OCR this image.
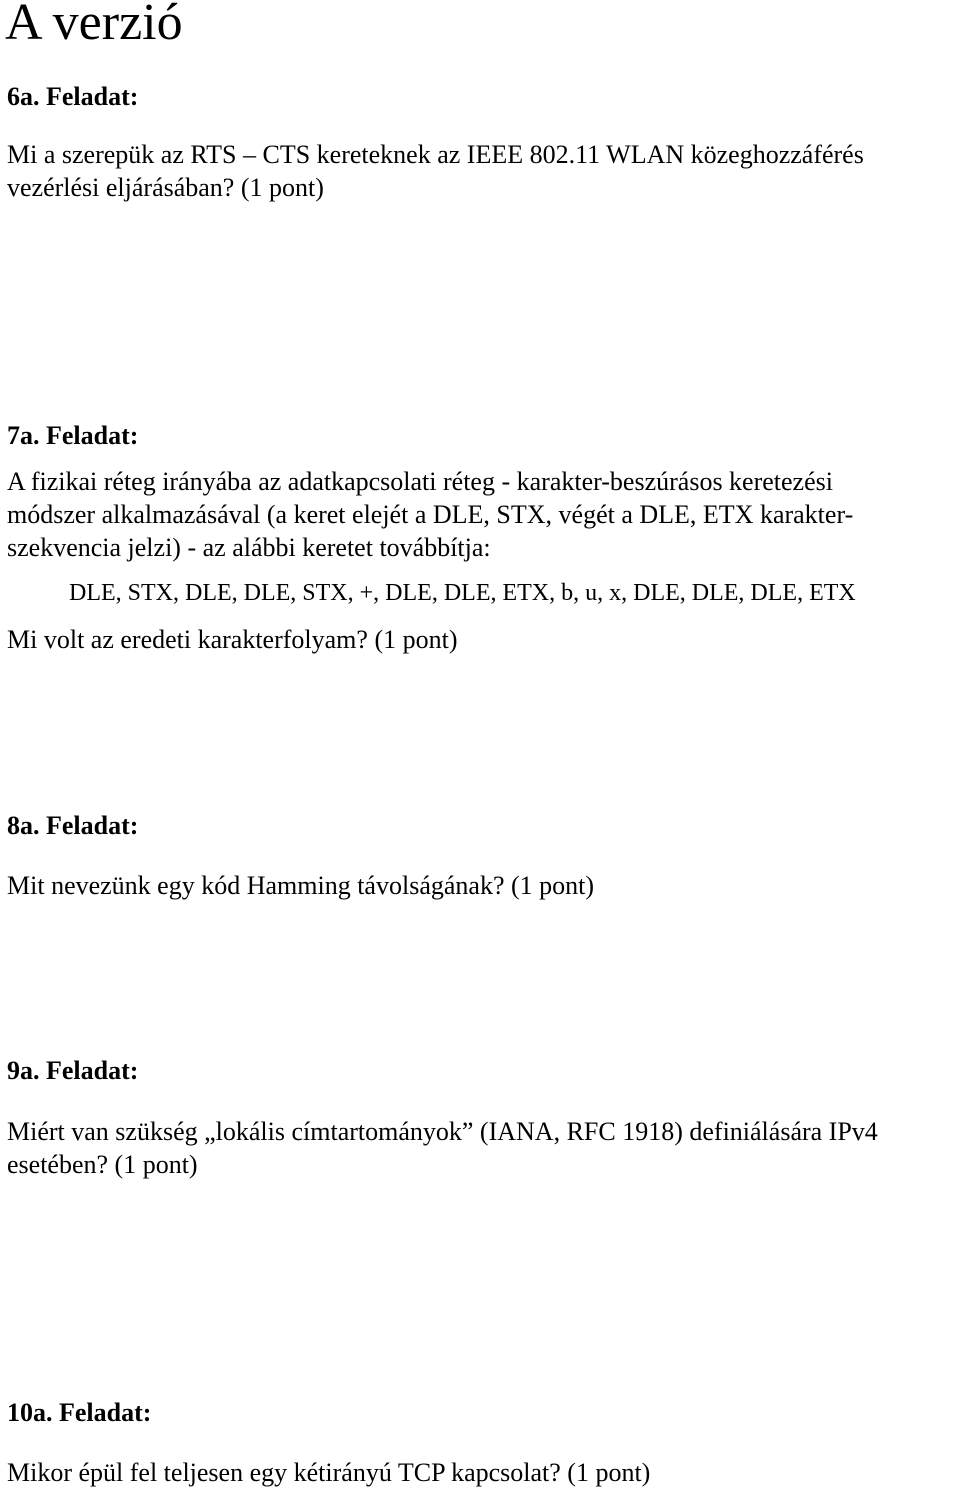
A verzió
6a. Feladat:
Mi a szerepük az RTS – CTS kereteknek az IEEE 802.11 WLAN közeghozzáférés
vezérlési eljárásában? (1 pont)
7a. Feladat:
A fizikai réteg irányába az adatkapcsolati réteg - karakter-beszúrásos keretezési
módszer alkalmazásával (a keret elejét a DLE, STX, végét a DLE, ETX karakter-
szekvencia jelzi) - az alábbi keretet továbbítja:
DLE, STX, DLE, DLE, STX, +, DLE, DLE, ETX, b, u, x, DLE, DLE, DLE, ETX
Mi volt az eredeti karakterfolyam? (1 pont)
8a. Feladat:
Mit nevezünk egy kód Hamming távolságának? (1 pont)
9a. Feladat:
Miért van szükség „lokális címtartományok” (IANA, RFC 1918) definiálására IPv4
esetében? (1 pont)
10a. Feladat:
Mikor épül fel teljesen egy kétirányú TCP kapcsolat? (1 pont)
